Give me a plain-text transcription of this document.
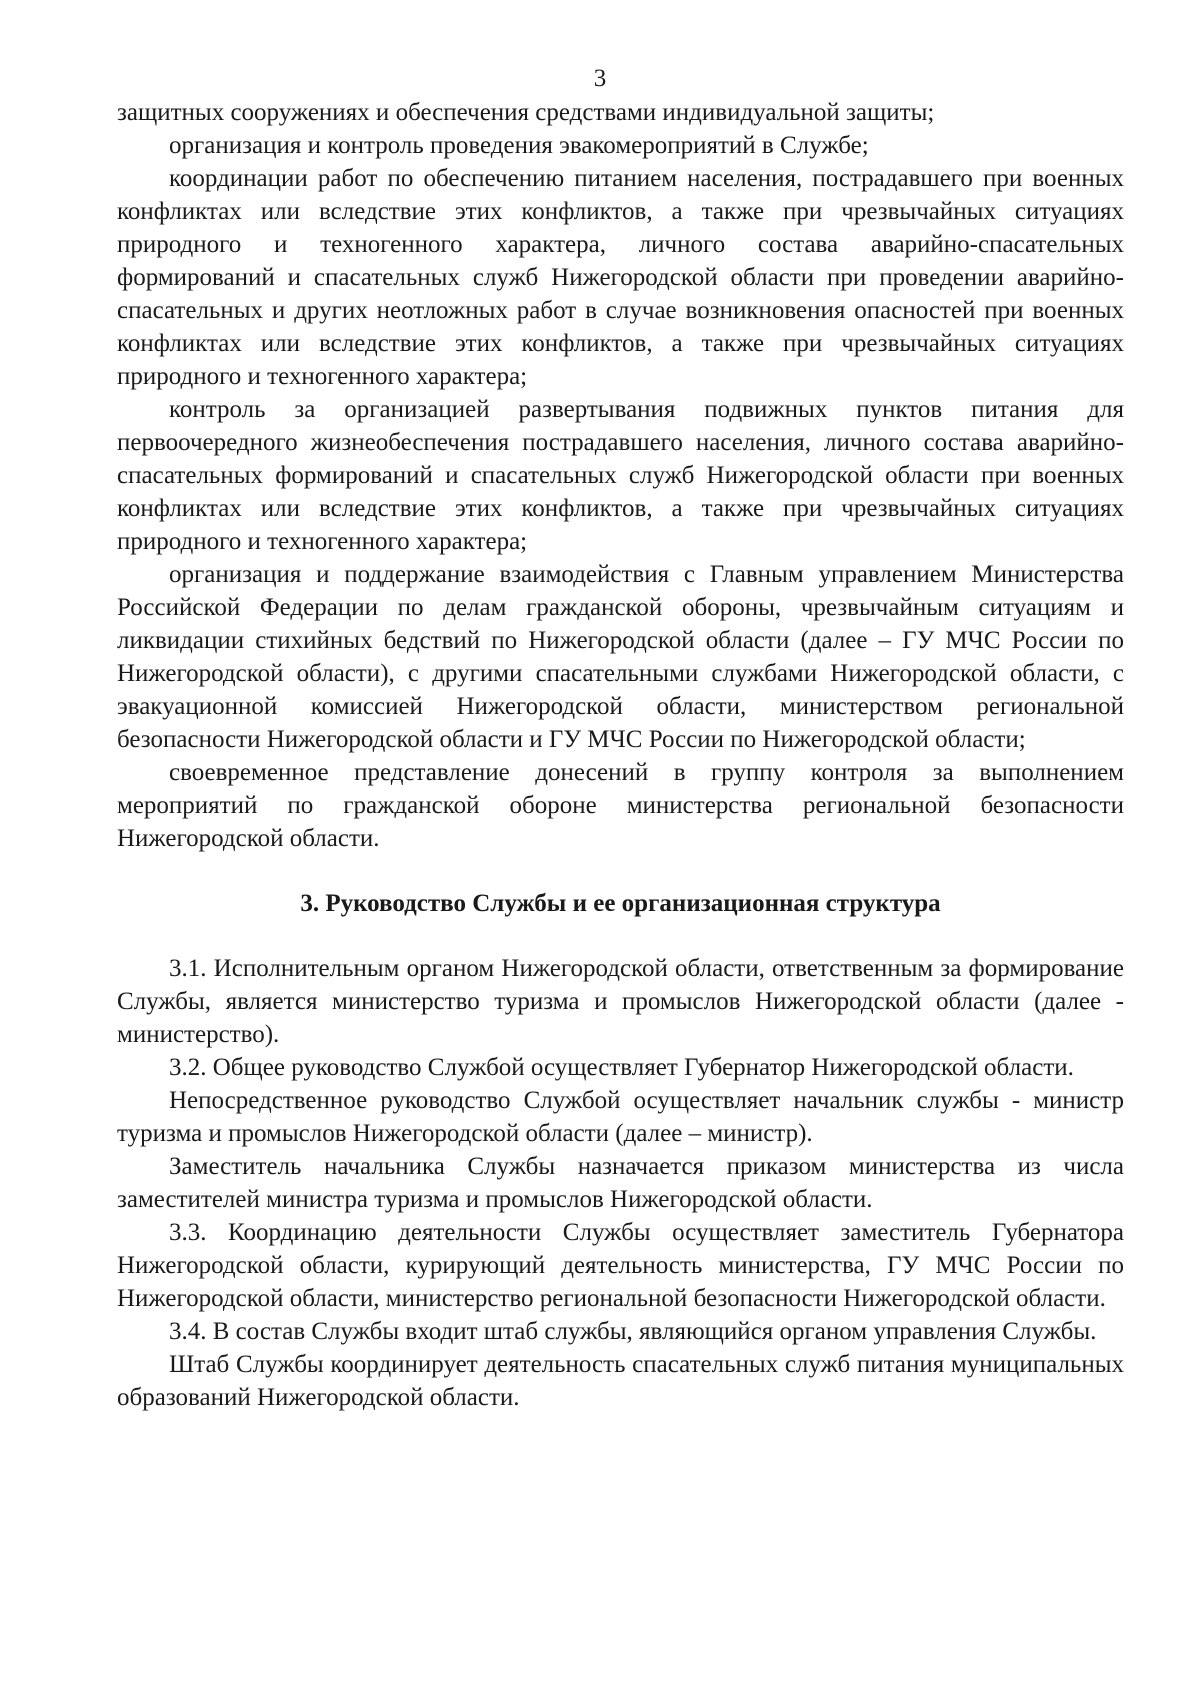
3

защитных сооружениях и обеспечения средствами индивидуальной защиты;

организация и контроль проведения эвакомероприятий в Службе;

координации работ по обеспечению питанием населения, пострадавшего при военных конфликтах или вследствие этих конфликтов, а также при чрезвычайных ситуациях природного и техногенного характера, личного состава аварийно-спасательных формирований и спасательных служб Нижегородской области при проведении аварийно-спасательных и других неотложных работ в случае возникновения опасностей при военных конфликтах или вследствие этих конфликтов, а также при чрезвычайных ситуациях природного и техногенного характера;

контроль за организацией развертывания подвижных пунктов питания для первоочередного жизнеобеспечения пострадавшего населения, личного состава аварийно-спасательных формирований и спасательных служб Нижегородской области при военных конфликтах или вследствие этих конфликтов, а также при чрезвычайных ситуациях природного и техногенного характера;

организация и поддержание взаимодействия с Главным управлением Министерства Российской Федерации по делам гражданской обороны, чрезвычайным ситуациям и ликвидации стихийных бедствий по Нижегородской области (далее – ГУ МЧС России по Нижегородской области), с другими спасательными службами Нижегородской области, с эвакуационной комиссией Нижегородской области, министерством региональной безопасности Нижегородской области и ГУ МЧС России по Нижегородской области;

своевременное представление донесений в группу контроля за выполнением мероприятий по гражданской обороне министерства региональной безопасности Нижегородской области.

3. Руководство Службы и ее организационная структура

3.1. Исполнительным органом Нижегородской области, ответственным за формирование Службы, является министерство туризма и промыслов Нижегородской области (далее - министерство).

3.2. Общее руководство Службой осуществляет Губернатор Нижегородской области.

Непосредственное руководство Службой осуществляет начальник службы - министр туризма и промыслов Нижегородской области (далее – министр).

Заместитель начальника Службы назначается приказом министерства из числа заместителей министра туризма и промыслов Нижегородской области.

3.3. Координацию деятельности Службы осуществляет заместитель Губернатора Нижегородской области, курирующий деятельность министерства, ГУ МЧС России по Нижегородской области, министерство региональной безопасности Нижегородской области.

3.4. В состав Службы входит штаб службы, являющийся органом управления Службы.

Штаб Службы координирует деятельность спасательных служб питания муниципальных образований Нижегородской области.
